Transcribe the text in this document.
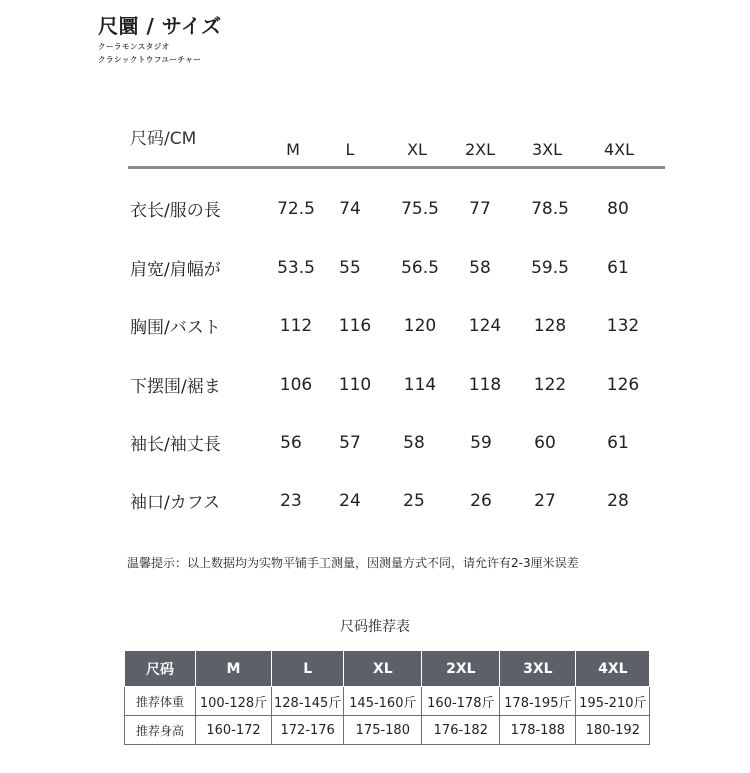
尺圜 / サイズ
クーラモンスタジオ
クラシックトウフユーチャー
尺码/CM
M	L	XL 2XL 3XL	4XL
衣长/服の長	72.5 74 75.5 77 78.5 80
肩宽/肩幅が	53.5 55 56.5 58 59.5 61
胸围/バスト	112 116 120 124 128 132
下摆围/裾ま	106 110 114 118 122 126
袖长/袖丈長	56 57 58	59 60	61
袖口/カフス	23 24 25	26 27	28
温馨提示：以上数据均为实物平铺手工测量，因测量方式不同，请允许有2-3厘米误差
尺码推荐表
尺码	M	L	XL	2XL	3XL	4XL
推荐体重	100-128斤	128-145斤	145-160斤	160-178斤	178-195斤	195-210斤
推荐身高	160-172	172-176	175-180	176-182	178-188	180-192
